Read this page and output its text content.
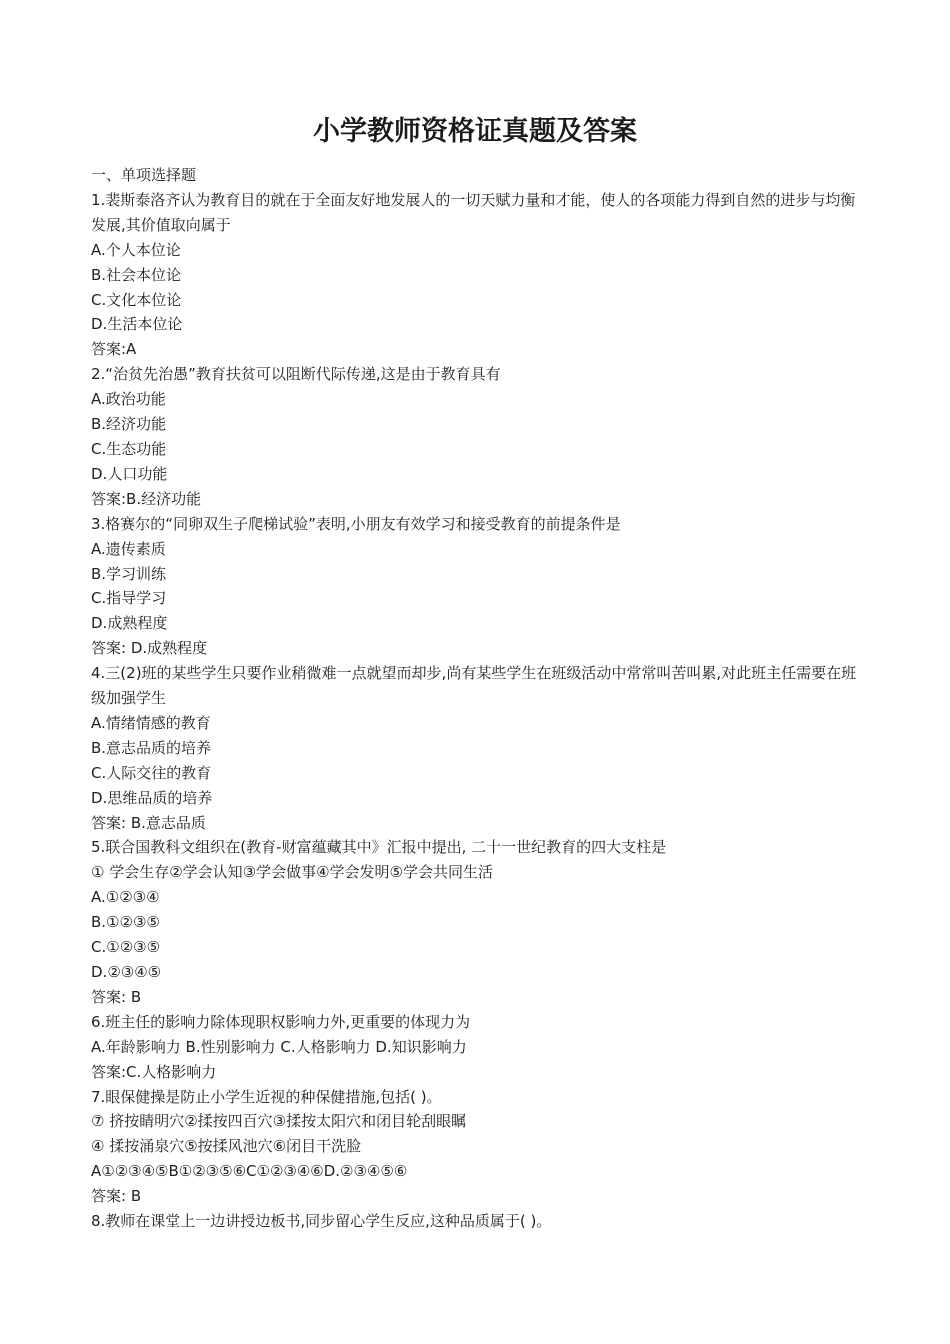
小学教师资格证真题及答案

一、单项选择题

1.裴斯泰洛齐认为教育目的就在于全面友好地发展人的一切天赋力量和才能，使人的各项能力得到自然的进步与均衡发展,其价值取向属于

A.个人本位论

B.社会本位论

C.文化本位论

D.生活本位论

答案:A

2.“治贫先治愚”教育扶贫可以阻断代际传递,这是由于教育具有

A.政治功能

B.经济功能

C.生态功能

D.人口功能

答案:B.经济功能

3.格赛尔的“同卵双生子爬梯试验”表明,小朋友有效学习和接受教育的前提条件是

A.遗传素质

B.学习训练

C.指导学习

D.成熟程度

答案: D.成熟程度

4.三(2)班的某些学生只要作业稍微难一点就望而却步,尚有某些学生在班级活动中常常叫苦叫累,对此班主任需要在班级加强学生

A.情绪情感的教育

B.意志品质的培养

C.人际交往的教育

D.思维品质的培养

答案: B.意志品质

5.联合国教科文组织在(教育-财富蕴藏其中》汇报中提出, 二十一世纪教育的四大支柱是

① 学会生存②学会认知③学会做事④学会发明⑤学会共同生活

A.①②③④

B.①②③⑤

C.①②③⑤

D.②③④⑤

答案: B

6.班主任的影响力除体现职权影响力外,更重要的体现力为

A.年龄影响力 B.性别影响力 C.人格影响力 D.知识影响力

答案:C.人格影响力

7.眼保健操是防止小学生近视的种保健措施,包括( )。

⑦ 挤按睛明穴②揉按四百穴③揉按太阳穴和闭目轮刮眼瞩

④ 揉按涌泉穴⑤按揉风池穴⑥闭目干洗脸

A①②③④⑤B①②③⑤⑥C①②③④⑥D.②③④⑤⑥

答案: B

8.教师在课堂上一边讲授边板书,同步留心学生反应,这种品质属于( )。
